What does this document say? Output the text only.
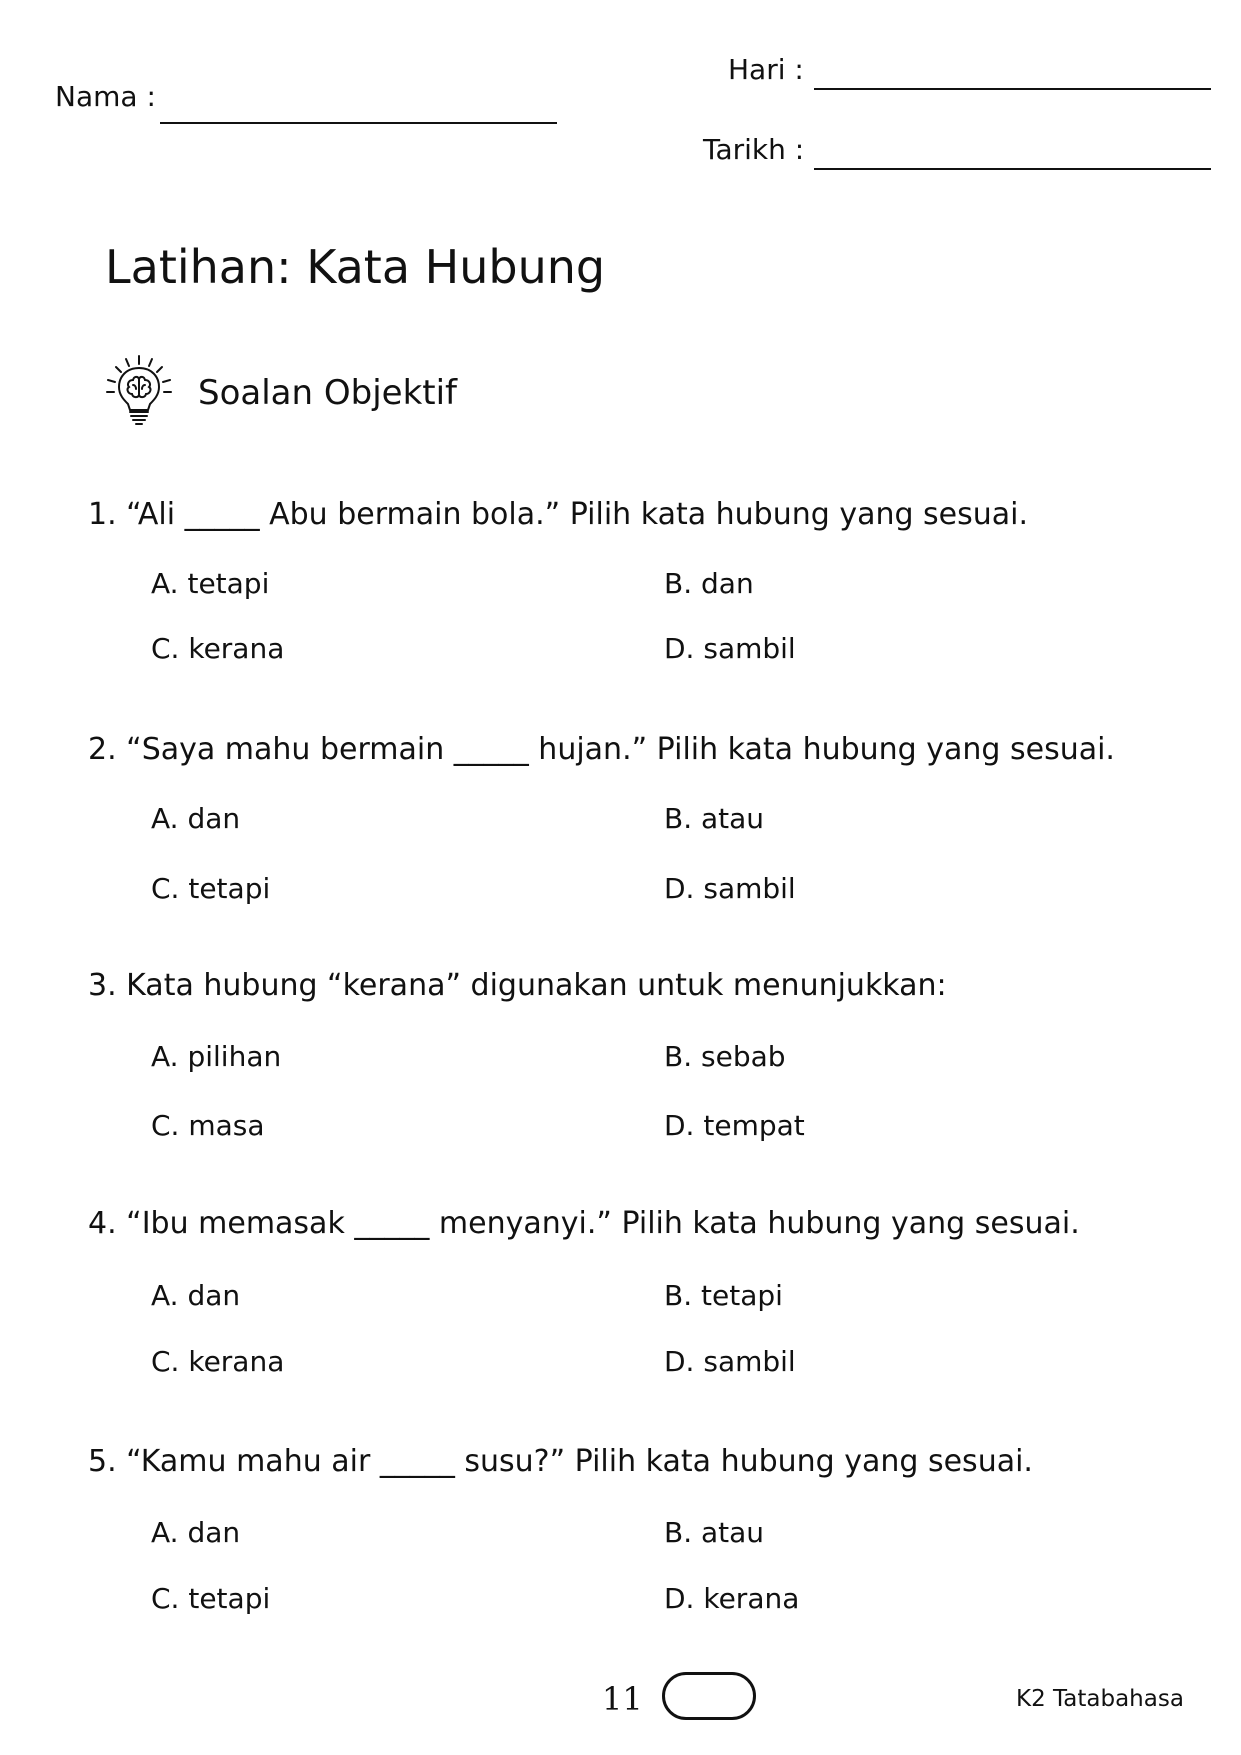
Nama :
Hari :
Tarikh :
Latihan: Kata Hubung
Soalan Objektif
1. “Ali _____ Abu bermain bola.” Pilih kata hubung yang sesuai.
A. tetapi	B. dan
C. kerana	D. sambil
2. “Saya mahu bermain _____ hujan.” Pilih kata hubung yang sesuai.
A. dan	B. atau
C. tetapi	D. sambil
3. Kata hubung “kerana” digunakan untuk menunjukkan:
A. pilihan	B. sebab
C. masa	D. tempat
4. “Ibu memasak _____ menyanyi.” Pilih kata hubung yang sesuai.
A. dan	B. tetapi
C. kerana	D. sambil
5. “Kamu mahu air _____ susu?” Pilih kata hubung yang sesuai.
A. dan	B. atau
C. tetapi	D. kerana
11	K2 Tatabahasa
